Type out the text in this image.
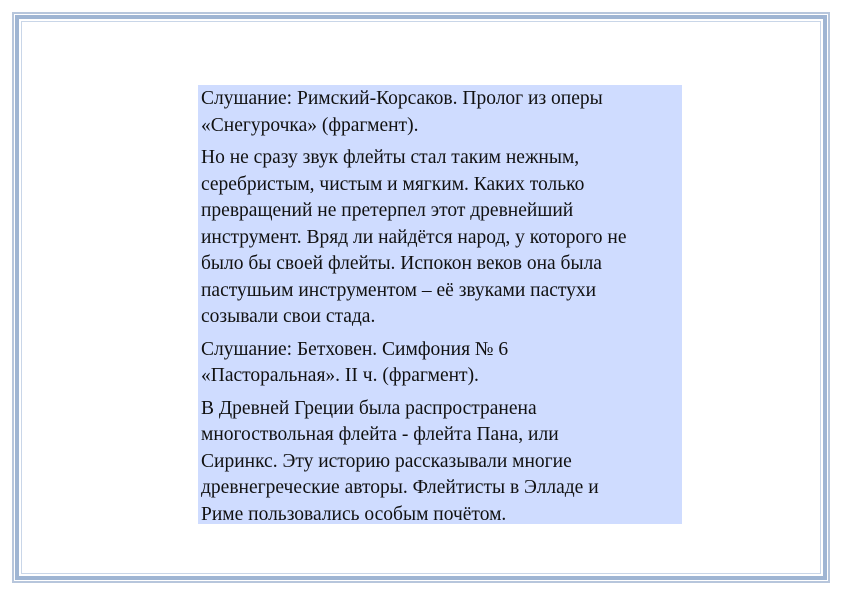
Слушание: Римский-Корсаков. Пролог из оперы
«Снегурочка» (фрагмент).

Но не сразу звук флейты стал таким нежным,
серебристым, чистым и мягким. Каких только
превращений не претерпел этот древнейший
инструмент. Вряд ли найдётся народ, у которого не
было бы своей флейты. Испокон веков она была
пастушьим инструментом – её звуками пастухи
созывали свои стада.

Слушание: Бетховен. Симфония № 6
«Пасторальная». II ч. (фрагмент).

В Древней Греции была распространена
многоствольная флейта - флейта Пана, или
Сиринкс. Эту историю рассказывали многие
древнегреческие авторы. Флейтисты в Элладе и
Риме пользовались особым почётом.
